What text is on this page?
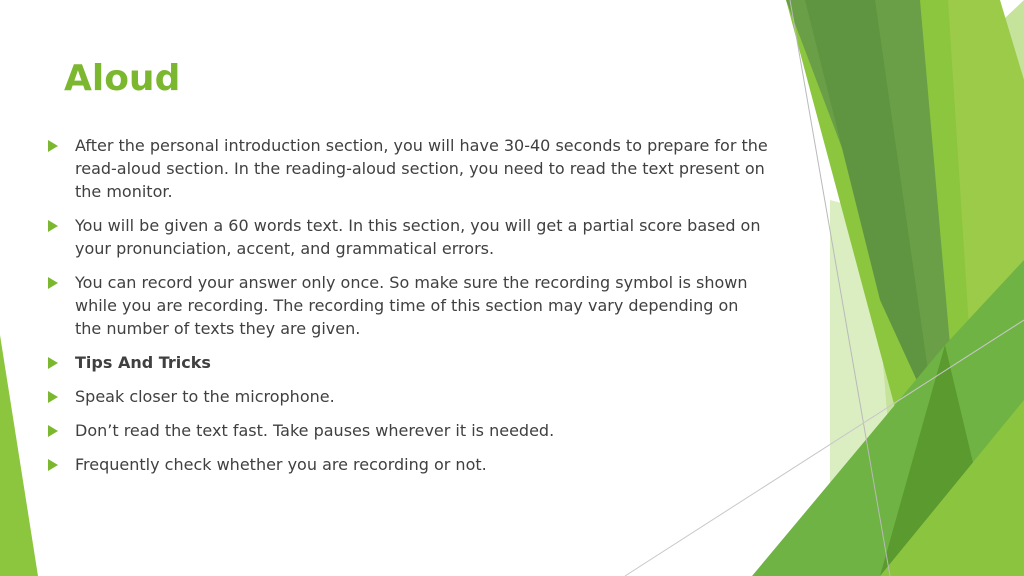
Aloud
After the personal introduction section, you will have 30-40 seconds to prepare for the read-aloud section. In the reading-aloud section, you need to read the text present on the monitor.
You will be given a 60 words text. In this section, you will get a partial score based on your pronunciation, accent, and grammatical errors.
You can record your answer only once. So make sure the recording symbol is shown while you are recording. The recording time of this section may vary depending on the number of texts they are given.
Tips And Tricks
Speak closer to the microphone.
Don’t read the text fast. Take pauses wherever it is needed.
Frequently check whether you are recording or not.
